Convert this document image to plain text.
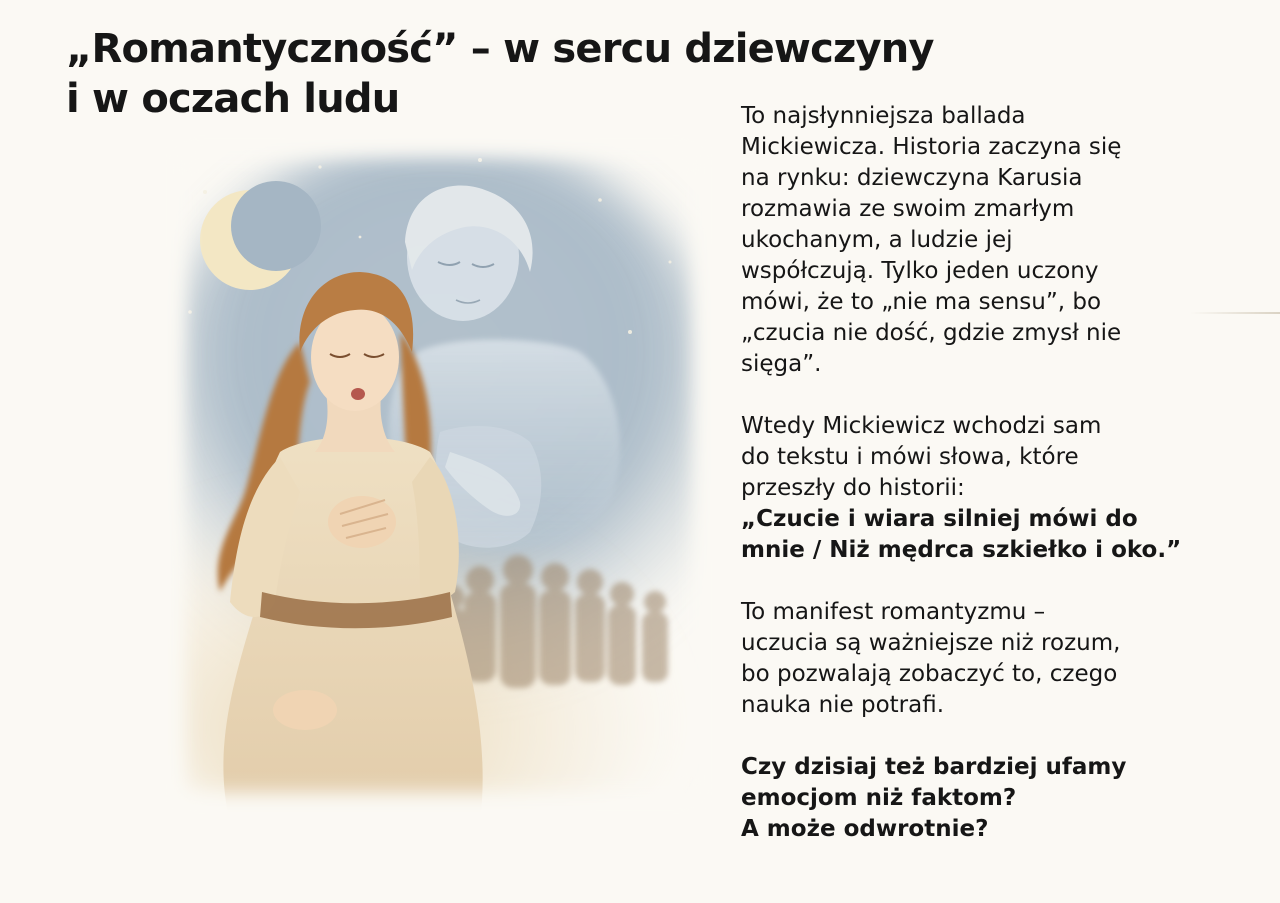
„Romantyczność” – w sercu dziewczyny
i w oczach ludu	To najsłynniejsza ballada
Mickiewicza. Historia zaczyna się
na rynku: dziewczyna Karusia
rozmawia ze swoim zmarłym
ukochanym, a ludzie jej
współczują. Tylko jeden uczony
mówi, że to „nie ma sensu”, bo
„czucia nie dość, gdzie zmysł nie
sięga”.

Wtedy Mickiewicz wchodzi sam
do tekstu i mówi słowa, które
przeszły do historii:
„Czucie i wiara silniej mówi do
mnie / Niż mędrca szkiełko i oko.”

To manifest romantyzmu –
uczucia są ważniejsze niż rozum,
bo pozwalają zobaczyć to, czego
nauka nie potrafi.

Czy dzisiaj też bardziej ufamy
emocjom niż faktom?
A może odwrotnie?
